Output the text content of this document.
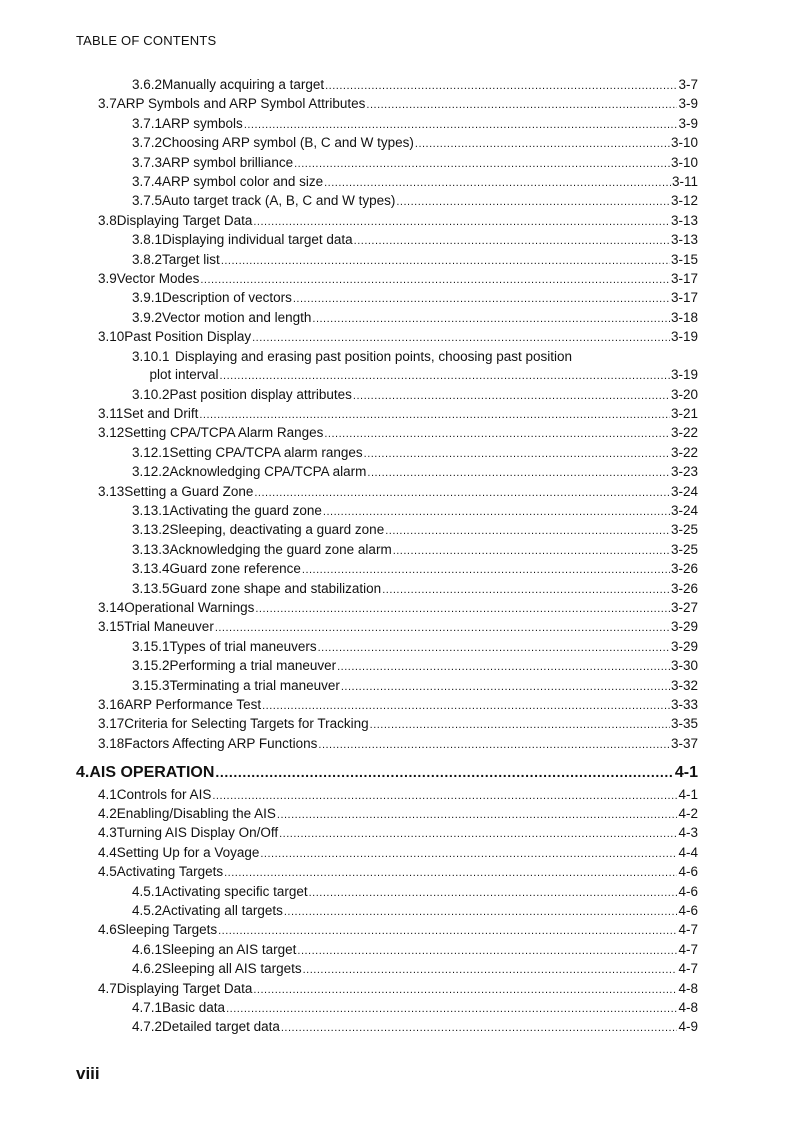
TABLE OF CONTENTS
3.6.2 Manually acquiring a target .....	3-7
3.7 ARP Symbols and ARP Symbol Attributes .....	3-9
3.7.1 ARP symbols .....	3-9
3.7.2 Choosing ARP symbol (B, C and W types) .....	3-10
3.7.3 ARP symbol brilliance .....	3-10
3.7.4 ARP symbol color and size .....	3-11
3.7.5 Auto target track (A, B, C and W types) .....	3-12
3.8 Displaying Target Data .....	3-13
3.8.1 Displaying individual target data .....	3-13
3.8.2 Target list .....	3-15
3.9 Vector Modes .....	3-17
3.9.1 Description of vectors .....	3-17
3.9.2 Vector motion and length .....	3-18
3.10 Past Position Display .....	3-19
3.10.1 Displaying and erasing past position points, choosing past position
plot interval .....	3-19
3.10.2 Past position display attributes .....	3-20
3.11 Set and Drift .....	3-21
3.12 Setting CPA/TCPA Alarm Ranges .....	3-22
3.12.1 Setting CPA/TCPA alarm ranges .....	3-22
3.12.2 Acknowledging CPA/TCPA alarm .....	3-23
3.13 Setting a Guard Zone .....	3-24
3.13.1 Activating the guard zone .....	3-24
3.13.2 Sleeping, deactivating a guard zone .....	3-25
3.13.3 Acknowledging the guard zone alarm .....	3-25
3.13.4 Guard zone reference .....	3-26
3.13.5 Guard zone shape and stabilization .....	3-26
3.14 Operational Warnings .....	3-27
3.15 Trial Maneuver .....	3-29
3.15.1 Types of trial maneuvers .....	3-29
3.15.2 Performing a trial maneuver .....	3-30
3.15.3 Terminating a trial maneuver .....	3-32
3.16 ARP Performance Test .....	3-33
3.17 Criteria for Selecting Targets for Tracking .....	3-35
3.18 Factors Affecting ARP Functions .....	3-37
4. AIS OPERATION .....	4-1
4.1 Controls for AIS .....	4-1
4.2 Enabling/Disabling the AIS .....	4-2
4.3 Turning AIS Display On/Off .....	4-3
4.4 Setting Up for a Voyage .....	4-4
4.5 Activating Targets .....	4-6
4.5.1 Activating specific target .....	4-6
4.5.2 Activating all targets .....	4-6
4.6 Sleeping Targets .....	4-7
4.6.1 Sleeping an AIS target .....	4-7
4.6.2 Sleeping all AIS targets .....	4-7
4.7 Displaying Target Data .....	4-8
4.7.1 Basic data .....	4-8
4.7.2 Detailed target data .....	4-9
viii
